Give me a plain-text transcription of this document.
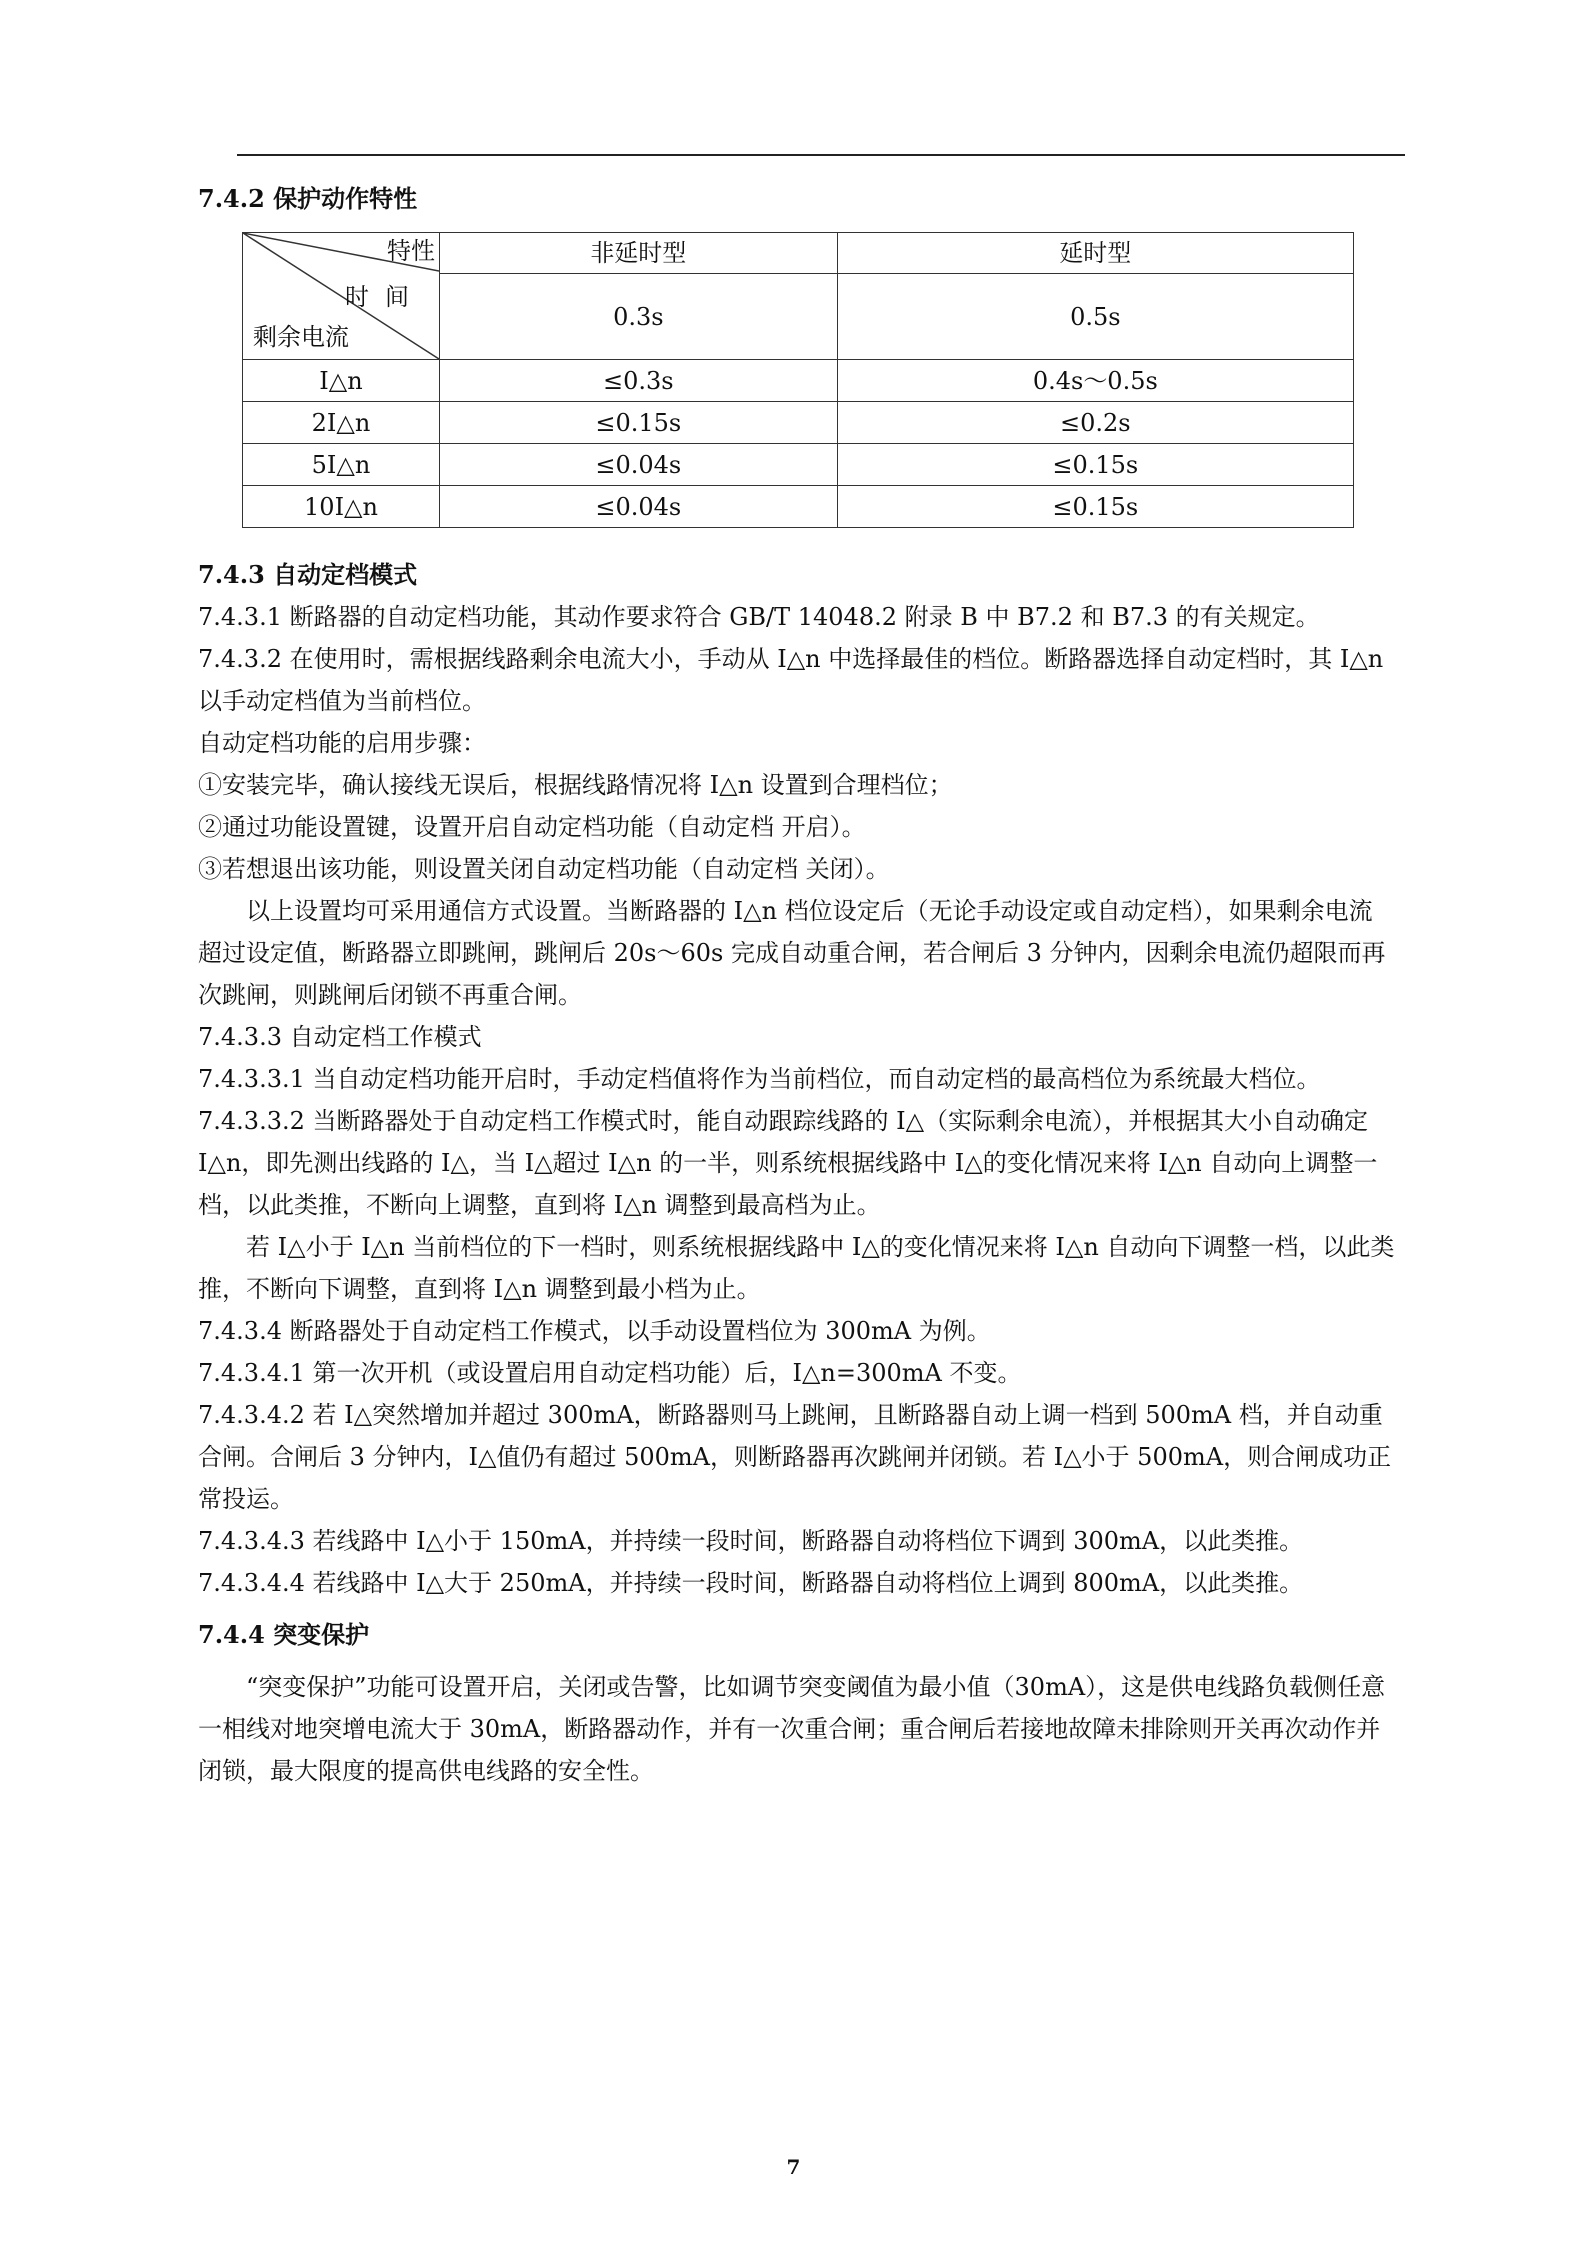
7.4.2 保护动作特性

特性
时间
剩余电流	非延时型	延时型
	0.3s	0.5s
I△n	≤0.3s	0.4s～0.5s
2I△n	≤0.15s	≤0.2s
5I△n	≤0.04s	≤0.15s
10I△n	≤0.04s	≤0.15s

7.4.3 自动定档模式

7.4.3.1 断路器的自动定档功能，其动作要求符合 GB/T 14048.2 附录 B 中 B7.2 和 B7.3 的有关规定。

7.4.3.2 在使用时，需根据线路剩余电流大小，手动从 I△n 中选择最佳的档位。断路器选择自动定档时，其 I△n 以手动定档值为当前档位。

自动定档功能的启用步骤：

①安装完毕，确认接线无误后，根据线路情况将 I△n 设置到合理档位；

②通过功能设置键，设置开启自动定档功能（自动定档 开启）。

③若想退出该功能，则设置关闭自动定档功能（自动定档 关闭）。

以上设置均可采用通信方式设置。当断路器的 I△n 档位设定后（无论手动设定或自动定档），如果剩余电流超过设定值，断路器立即跳闸，跳闸后 20s～60s 完成自动重合闸，若合闸后 3 分钟内，因剩余电流仍超限而再次跳闸，则跳闸后闭锁不再重合闸。

7.4.3.3 自动定档工作模式

7.4.3.3.1 当自动定档功能开启时，手动定档值将作为当前档位，而自动定档的最高档位为系统最大档位。

7.4.3.3.2 当断路器处于自动定档工作模式时，能自动跟踪线路的 I△（实际剩余电流），并根据其大小自动确定 I△n，即先测出线路的 I△，当 I△超过 I△n 的一半，则系统根据线路中 I△的变化情况来将 I△n 自动向上调整一档，以此类推，不断向上调整，直到将 I△n 调整到最高档为止。

若 I△小于 I△n 当前档位的下一档时，则系统根据线路中 I△的变化情况来将 I△n 自动向下调整一档，以此类推，不断向下调整，直到将 I△n 调整到最小档为止。

7.4.3.4 断路器处于自动定档工作模式，以手动设置档位为 300mA 为例。

7.4.3.4.1 第一次开机（或设置启用自动定档功能）后，I△n=300mA 不变。

7.4.3.4.2 若 I△突然增加并超过 300mA，断路器则马上跳闸，且断路器自动上调一档到 500mA 档，并自动重合闸。合闸后 3 分钟内，I△值仍有超过 500mA，则断路器再次跳闸并闭锁。若 I△小于 500mA，则合闸成功正常投运。

7.4.3.4.3 若线路中 I△小于 150mA，并持续一段时间，断路器自动将档位下调到 300mA，以此类推。

7.4.3.4.4 若线路中 I△大于 250mA，并持续一段时间，断路器自动将档位上调到 800mA，以此类推。

7.4.4 突变保护

“突变保护”功能可设置开启，关闭或告警，比如调节突变阈值为最小值（30mA），这是供电线路负载侧任意一相线对地突增电流大于 30mA，断路器动作，并有一次重合闸；重合闸后若接地故障未排除则开关再次动作并闭锁，最大限度的提高供电线路的安全性。

7
